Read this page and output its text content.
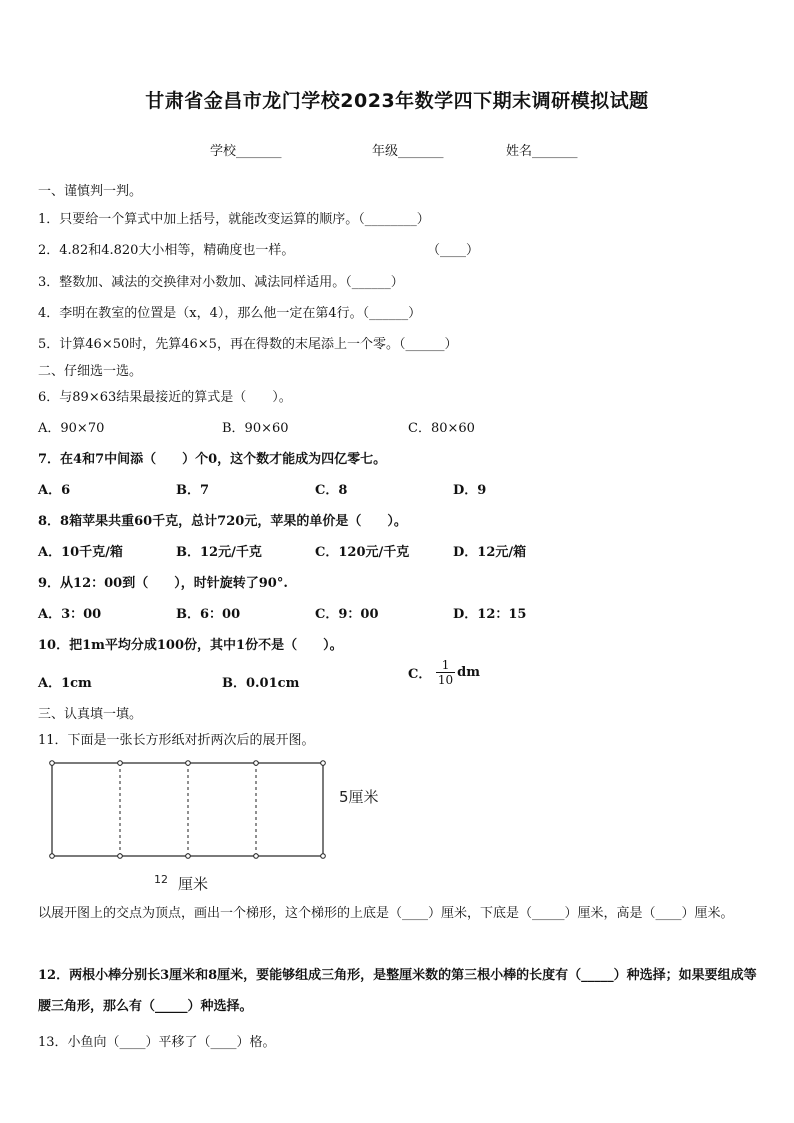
甘肃省金昌市龙门学校2023年数学四下期末调研模拟试题
学校_______	年级_______	姓名_______
一、谨慎判一判。
1．只要给一个算式中加上括号，就能改变运算的顺序。（________）
2．4.82和4.820大小相等，精确度也一样。	（____）
3．整数加、减法的交换律对小数加、减法同样适用。（______）
4．李明在教室的位置是（x，4），那么他一定在第4行。（______）
5．计算46×50时，先算46×5，再在得数的末尾添上一个零。（______）
二、仔细选一选。
6．与89×63结果最接近的算式是（　　）。
A．90×70	B．90×60	C．80×60
7．在4和7中间添（　　）个0，这个数才能成为四亿零七。
A．6	B．7	C．8	D．9
8．8箱苹果共重60千克，总计720元，苹果的单价是（　　）。
A．10千克/箱	B．12元/千克	C．120元/千克	D．12元/箱
9．从12：00到（　　），时针旋转了90°.
A．3：00	B．6：00	C．9：00	D．12：15
10．把1m平均分成100份，其中1份不是（　　）。
A．1cm	B．0.01cm
C． $\frac{1}{10}$ dm
三、认真填一填。
11．下面是一张长方形纸对折两次后的展开图。
5厘米
$^{12}$ 厘米
以展开图上的交点为顶点，画出一个梯形，这个梯形的上底是（____）厘米，下底是（_____）厘米，高是（____）厘米。
12．两根小棒分别长3厘米和8厘米，要能够组成三角形，是整厘米数的第三根小棒的长度有（_____）种选择；如果要组成等腰三角形，那么有（_____）种选择。
13．小鱼向（____）平移了（____）格。
